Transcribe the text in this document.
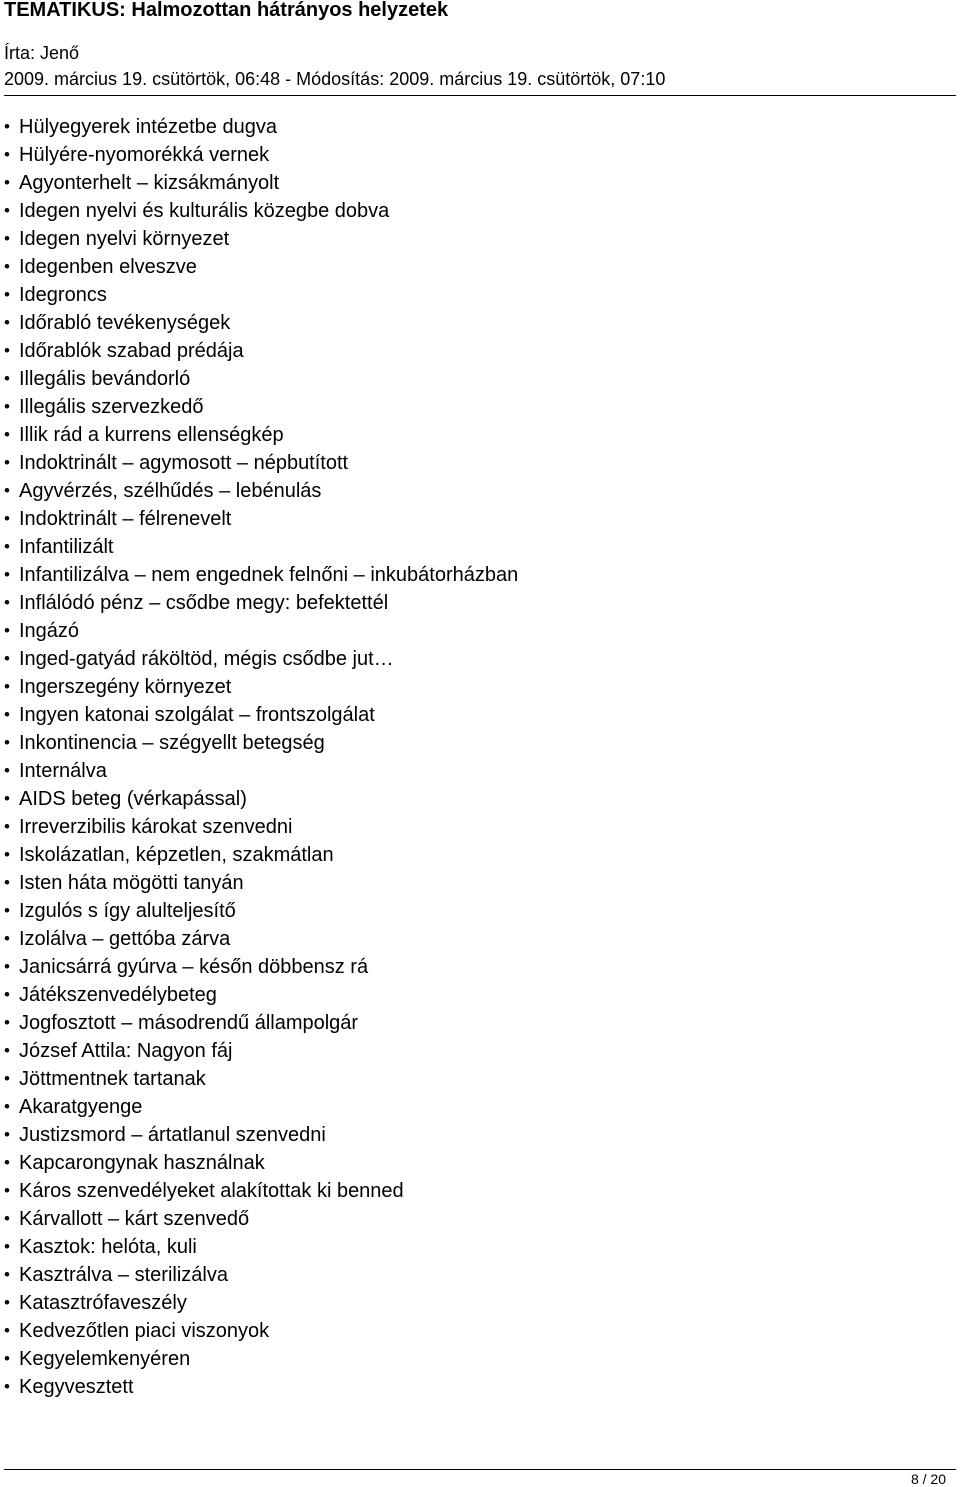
TEMATIKUS: Halmozottan hátrányos helyzetek
Írta: Jenő
2009. március 19. csütörtök, 06:48 - Módosítás: 2009. március 19. csütörtök, 07:10
• Hülyegyerek intézetbe dugva
• Hülyére-nyomorékká vernek
• Agyonterhelt – kizsákmányolt
• Idegen nyelvi és kulturális közegbe dobva
• Idegen nyelvi környezet
• Idegenben elveszve
• Idegroncs
• Időrabló tevékenységek
• Időrablók szabad prédája
• Illegális bevándorló
• Illegális szervezkedő
• Illik rád a kurrens ellenségkép
• Indoktrinált – agymosott – népbutított
• Agyvérzés, szélhűdés – lebénulás
• Indoktrinált – félrenevelt
• Infantilizált
• Infantilizálva – nem engednek felnőni – inkubátorházban
• Inflálódó pénz – csődbe megy: befektettél
• Ingázó
• Inged-gatyád ráköltöd, mégis csődbe jut…
• Ingerszegény környezet
• Ingyen katonai szolgálat – frontszolgálat
• Inkontinencia – szégyellt betegség
• Internálva
• AIDS beteg (vérkapással)
• Irreverzibilis károkat szenvedni
• Iskolázatlan, képzetlen, szakmátlan
• Isten háta mögötti tanyán
• Izgulós s így alulteljesítő
• Izolálva – gettóba zárva
• Janicsárrá gyúrva – későn döbbensz rá
• Játékszenvedélybeteg
• Jogfosztott – másodrendű állampolgár
• József Attila: Nagyon fáj
• Jöttmentnek tartanak
• Akaratgyenge
• Justizsmord – ártatlanul szenvedni
• Kapcarongynak használnak
• Káros szenvedélyeket alakítottak ki benned
• Kárvallott – kárt szenvedő
• Kasztok: helóta, kuli
• Kasztrálva – sterilizálva
• Katasztrófaveszély
• Kedvezőtlen piaci viszonyok
• Kegyelemkenyéren
• Kegyvesztett
8 / 20
